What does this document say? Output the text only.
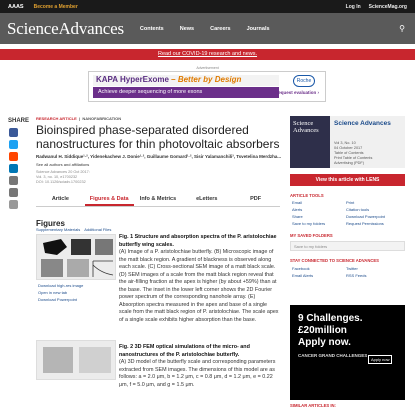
AAAS Become a Member	Log In ScienceMag.org
ScienceAdvances	Contents	News	Careers	Journals	⚲
Read our COVID-19 research and news.
Advertisement
KAPA HyperExome – Better by Design
Achieve deeper sequencing of more exons
Roche
Request evaluation ›
SHARE RESEARCH ARTICLE  |  NANOFABRICATION
Bioinspired phase-separated disordered nanostructures for thin photovoltaic absorbers
Radwanul H. Siddique¹·², Yidenekachew J. Donie¹·², Guillaume Gomard¹·², Sisir Yalamanchili³, Tsvetelina Merdzha...
See all authors and affiliations
Science Advances 20 Oct 2017:
Vol. 3, no. 10, e1700232
DOI: 10.1126/sciadv.1700232
Article	Figures & Data	Info & Metrics	eLetters	PDF
Figures
Supplementary Materials Additional Files
Download high-res image
Open in new tab
Download Powerpoint
Fig. 1 Structure and absorption spectra of the P. aristolochiae butterfly wing scales.
(A) Image of a P. aristolochiae butterfly. (B) Microscopic image of the matt black region. A gradient of blackness is observed along each scale. (C) Cross-sectional SEM image of a matt black scale. (D) SEM images of a scale from the matt black region reveal that the air-filling fraction at the apex is higher (by about +59%) than at the base. The inset in the lower left corner shows the 2D Fourier power spectrum of the corresponding nanohole array. (E) Absorption spectra measured in the apex and base of a single scale from the matt black region of P. aristolochiae. The scale apex of a single scale exhibits higher absorption than the base.
Fig. 2 3D FEM optical simulations of the micro- and nanostructures of the P. aristolochiae butterfly.
(A) 3D model of the butterfly scale and corresponding parameters extracted from SEM images. The dimensions of this model are as follows: a = 2.0 μm, b = 1.2 μm, c = 0.8 μm, d = 1.2 μm, e = 0.22 μm, f = 5.0 μm, and g = 1.5 μm.
Science Advances
Science Advances
Vol 3, No. 10
04 October 2017
Table of Contents
Print Table of Contents
Advertising (PDF)
View this article with LENS
ARTICLE TOOLS
Email	Print
Alerts	Citation tools
Share	Download Powerpoint
Save to my folders	Request Permissions
MY SAVED FOLDERS
Save to my folders
STAY CONNECTED TO SCIENCE ADVANCES
Facebook	Twitter
Email Alerts	RSS Feeds
9 Challenges.
£20million
Apply now.
CANCER GRAND CHALLENGES
Apply now
SIMILAR ARTICLES IN:
